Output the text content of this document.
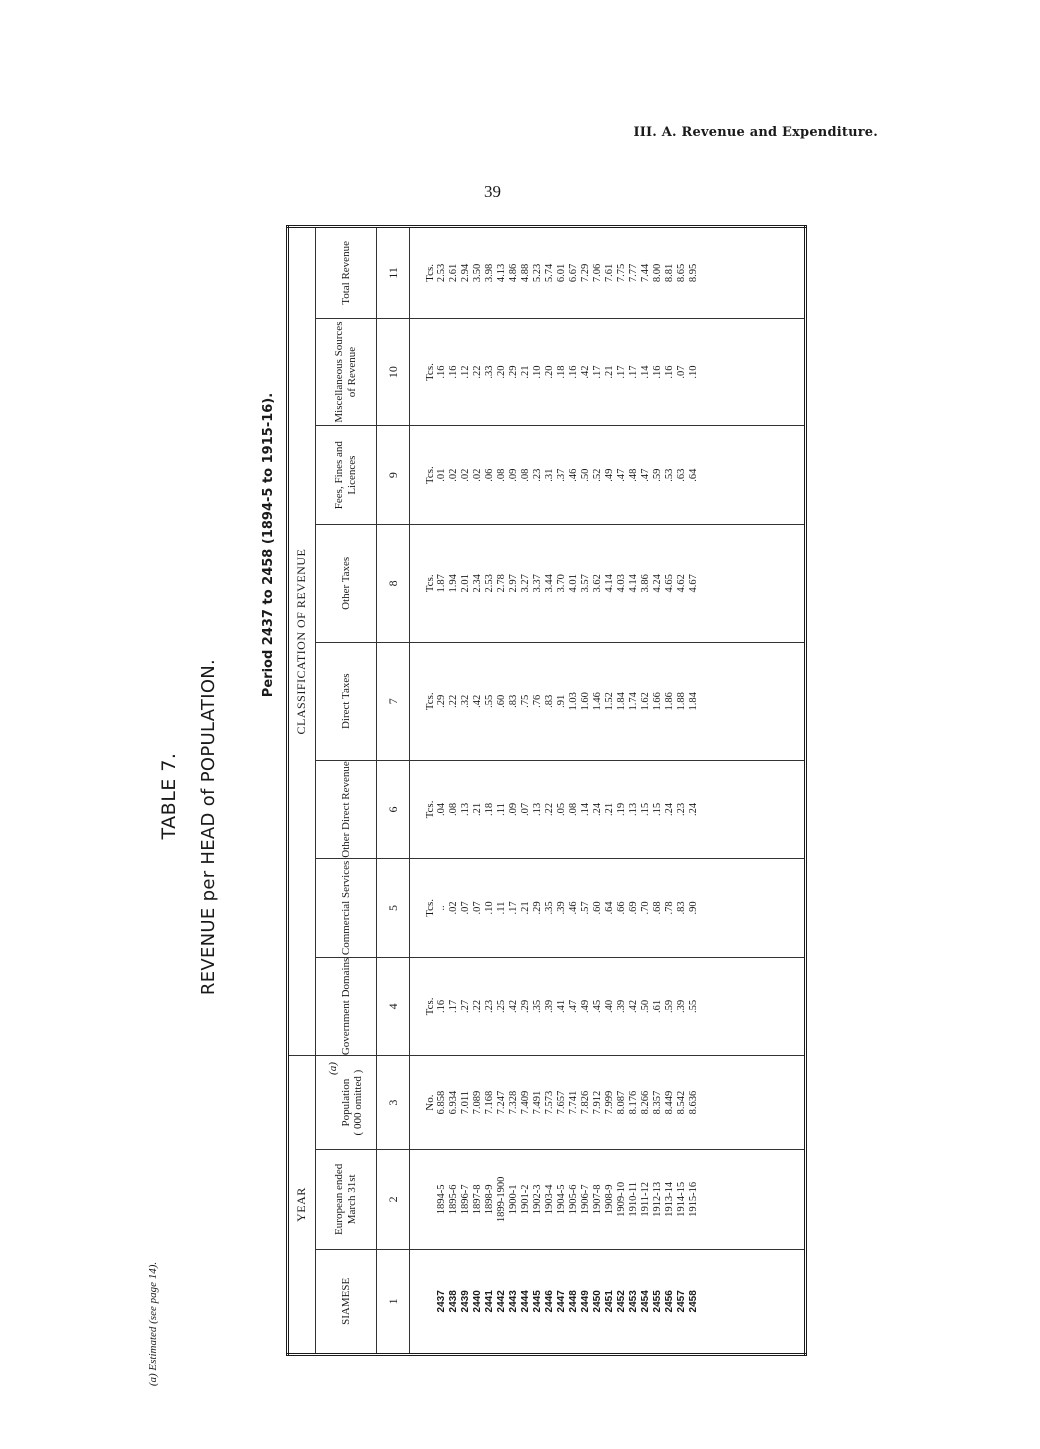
III. A. Revenue and Expenditure.
39
TABLE 7. REVENUE per HEAD of POPULATION.
Period 2437 to 2458 (1894-5 to 1915-16).
(a) Estimated (see page 14).
YEAR			CLASSIFICATION OF REVENUE							
SIAMESE	European ended March 31st	(a)
Population ( 000 omitted )	Government Domains	Commercial Services	Other Direct Revenue	Direct Taxes	Other Taxes	Fees, Fines and Licences	Miscellaneous Sources of Revenue	Total Revenue
1	2	3	4	5	6	7	8	9	10	11
		No.	Tcs.	Tcs.	Tcs.	Tcs.	Tcs.	Tcs.	Tcs.	Tcs.
2437	1894-5	6.858	.16	..	.04	.29	1.87	.01	.16	2.53
2438	1895-6	6.934	.17	.02	.08	.22	1.94	.02	.16	2.61
2439	1896-7	7.011	.27	.07	.13	.32	2.01	.02	.12	2.94
2440	1897-8	7.089	.22	.07	.21	.42	2.34	.02	.22	3.50
2441	1898-9	7.168	.23	.10	.18	.55	2.53	.06	.33	3.98
2442	1899-1900	7.247	.25	.11	.11	.60	2.78	.08	.20	4.13
2443	1900-1	7.328	.42	.17	.09	.83	2.97	.09	.29	4.86
2444	1901-2	7.409	.29	.21	.07	.75	3.27	.08	.21	4.88
2445	1902-3	7.491	.35	.29	.13	.76	3.37	.23	.10	5.23
2446	1903-4	7.573	.39	.35	.22	.83	3.44	.31	.20	5.74
2447	1904-5	7.657	.41	.39	.05	.91	3.70	.37	.18	6.01
2448	1905-6	7.741	.47	.46	.08	1.03	4.01	.46	.16	6.67
2449	1906-7	7.826	.49	.57	.14	1.60	3.57	.50	.42	7.29
2450	1907-8	7.912	.45	.60	.24	1.46	3.62	.52	.17	7.06
2451	1908-9	7.999	.40	.64	.21	1.52	4.14	.49	.21	7.61
2452	1909-10	8.087	.39	.66	.19	1.84	4.03	.47	.17	7.75
2453	1910-11	8.176	.42	.69	.13	1.74	4.14	.48	.17	7.77
2454	1911-12	8.266	.50	.70	.15	1.62	3.86	.47	.14	7.44
2455	1912-13	8.357	.61	.68	.15	1.66	4.24	.59	.16	8.00
2456	1913-14	8.449	.59	.78	.24	1.86	4.65	.53	.16	8.81
2457	1914-15	8.542	.39	.83	.23	1.88	4.62	.63	.07	8.65
2458	1915-16	8.636	.55	.90	.24	1.84	4.67	.64	.10	8.95
